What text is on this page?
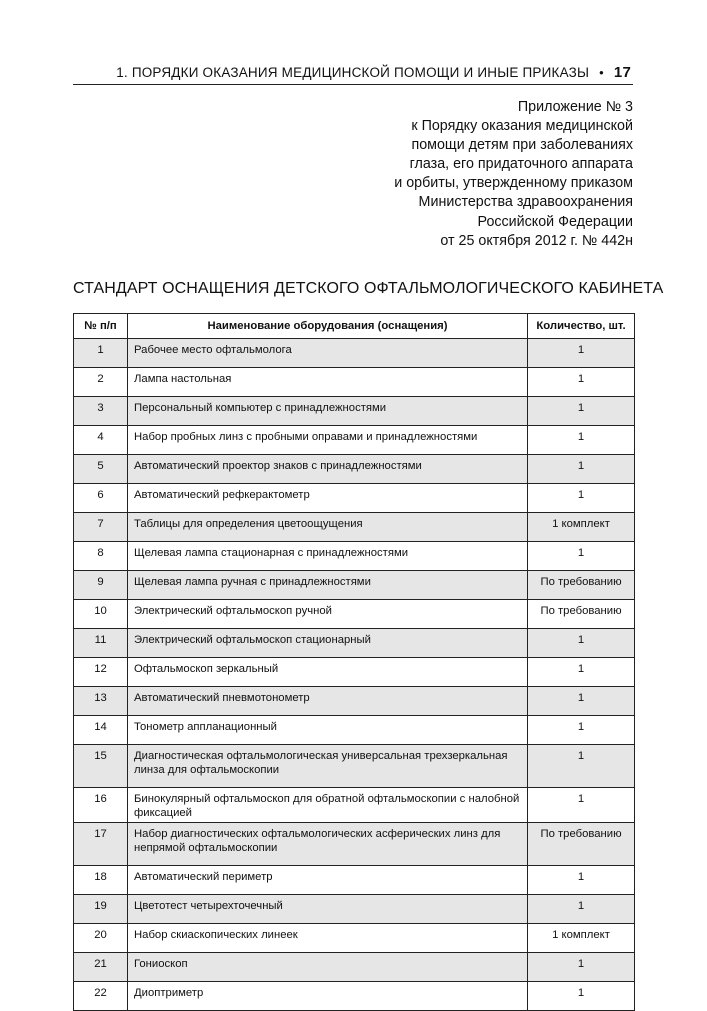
1. ПОРЯДКИ ОКАЗАНИЯ МЕДИЦИНСКОЙ ПОМОЩИ И ИНЫЕ ПРИКАЗЫ • 17
Приложение № 3
к Порядку оказания медицинской
помощи детям при заболеваниях
глаза, его придаточного аппарата
и орбиты, утвержденному приказом
Министерства здравоохранения
Российской Федерации
от 25 октября 2012 г. № 442н
СТАНДАРТ ОСНАЩЕНИЯ ДЕТСКОГО ОФТАЛЬМОЛОГИЧЕСКОГО КАБИНЕТА
№ п/п	Наименование оборудования (оснащения)	Количество, шт.
1	Рабочее место офтальмолога	1
2	Лампа настольная	1
3	Персональный компьютер с принадлежностями	1
4	Набор пробных линз с пробными оправами и принадлежностями	1
5	Автоматический проектор знаков с принадлежностями	1
6	Автоматический рефкерактометр	1
7	Таблицы для определения цветоощущения	1 комплект
8	Щелевая лампа стационарная с принадлежностями	1
9	Щелевая лампа ручная с принадлежностями	По требованию
10	Электрический офтальмоскоп ручной	По требованию
11	Электрический офтальмоскоп стационарный	1
12	Офтальмоскоп зеркальный	1
13	Автоматический пневмотонометр	1
14	Тонометр аппланационный	1
15	Диагностическая офтальмологическая универсальная трехзеркальная линза для офтальмоскопии	1
16	Бинокулярный офтальмоскоп для обратной офтальмоскопии с налобной фиксацией	1
17	Набор диагностических офтальмологических асферических линз для непрямой офтальмоскопии	По требованию
18	Автоматический периметр	1
19	Цветотест четырехточечный	1
20	Набор скиаскопических линеек	1 комплект
21	Гониоскоп	1
22	Диоптриметр	1
